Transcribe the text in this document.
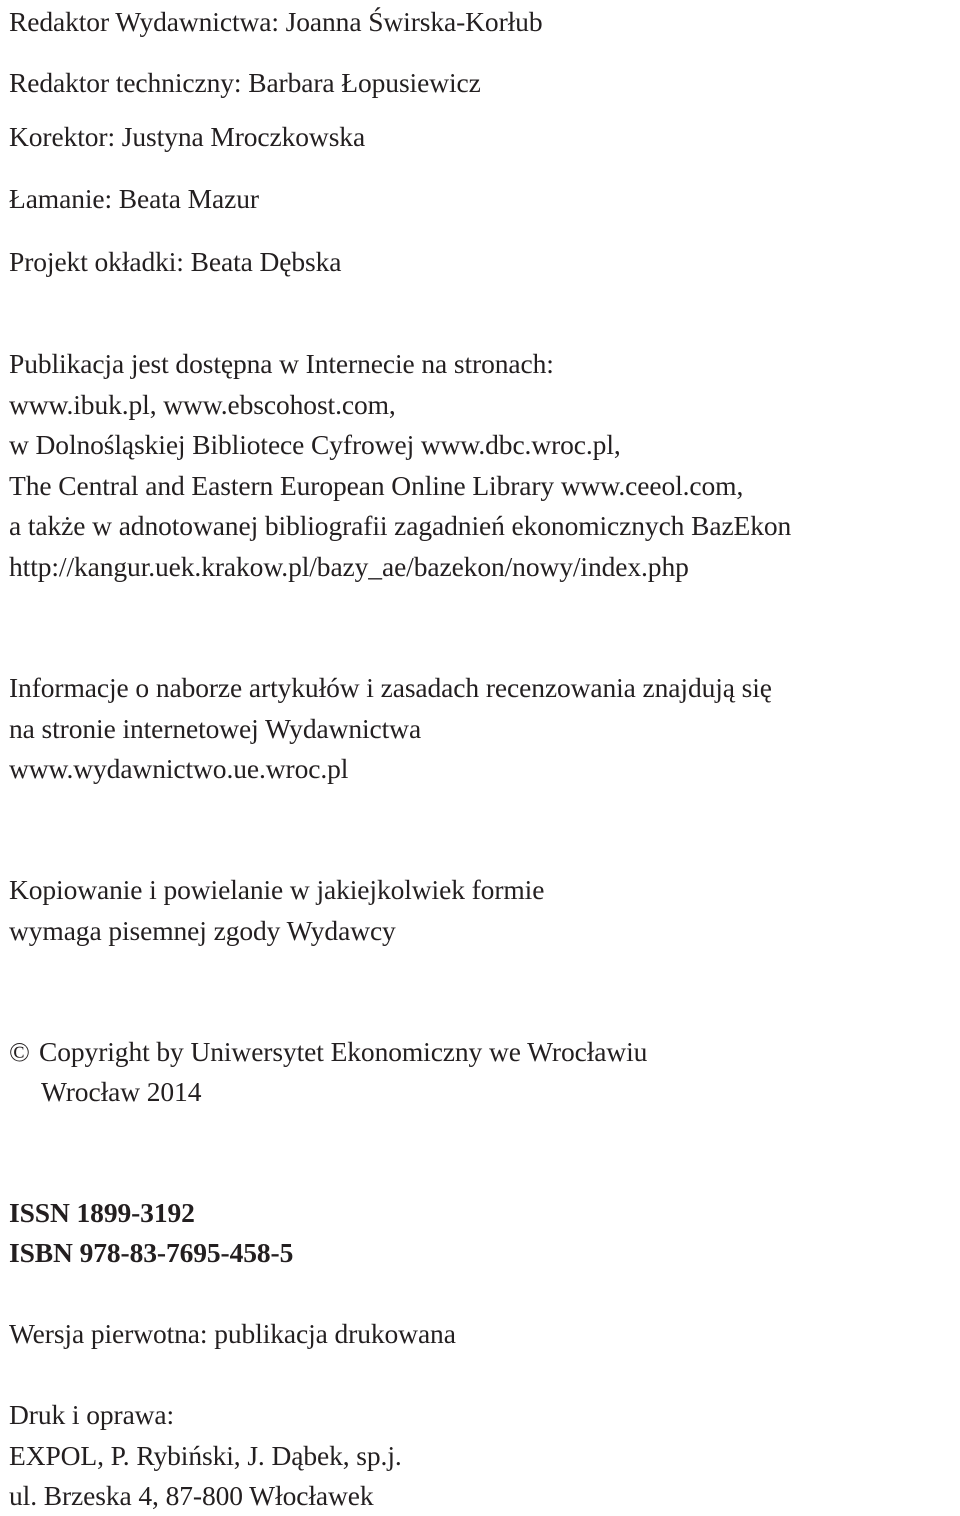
Redaktor Wydawnictwa: Joanna Świrska-Korłub
Redaktor techniczny: Barbara Łopusiewicz
Korektor: Justyna Mroczkowska
Łamanie: Beata Mazur
Projekt okładki: Beata Dębska
Publikacja jest dostępna w Internecie na stronach:
www.ibuk.pl, www.ebscohost.com,
w Dolnośląskiej Bibliotece Cyfrowej www.dbc.wroc.pl,
The Central and Eastern European Online Library www.ceeol.com,
a także w adnotowanej bibliografii zagadnień ekonomicznych BazEkon
http://kangur.uek.krakow.pl/bazy_ae/bazekon/nowy/index.php
Informacje o naborze artykułów i zasadach recenzowania znajdują się
na stronie internetowej Wydawnictwa
www.wydawnictwo.ue.wroc.pl
Kopiowanie i powielanie w jakiejkolwiek formie
wymaga pisemnej zgody Wydawcy
© Copyright by Uniwersytet Ekonomiczny we Wrocławiu
Wrocław 2014
ISSN 1899-3192
ISBN 978-83-7695-458-5
Wersja pierwotna: publikacja drukowana
Druk i oprawa:
EXPOL, P. Rybiński, J. Dąbek, sp.j.
ul. Brzeska 4, 87-800 Włocławek
